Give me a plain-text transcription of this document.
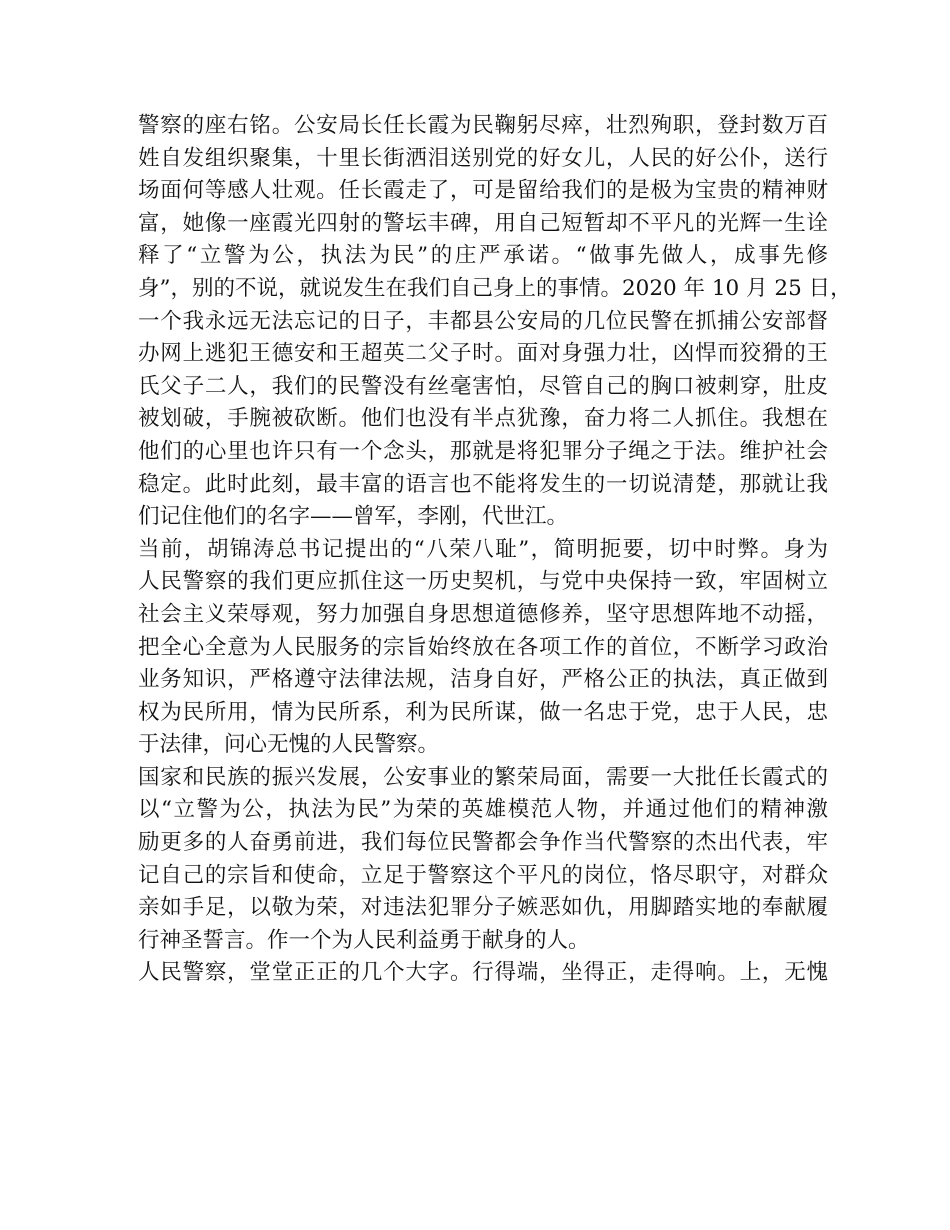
警察的座右铭。公安局长任长霞为民鞠躬尽瘁，壮烈殉职，登封数万百
姓自发组织聚集，十里长街洒泪送别党的好女儿，人民的好公仆，送行
场面何等感人壮观。任长霞走了，可是留给我们的是极为宝贵的精神财
富，她像一座霞光四射的警坛丰碑，用自己短暂却不平凡的光辉一生诠
释了“立警为公，执法为民”的庄严承诺。“做事先做人，成事先修
身”，别的不说，就说发生在我们自己身上的事情。2020 年 10 月 25 日，
一个我永远无法忘记的日子，丰都县公安局的几位民警在抓捕公安部督
办网上逃犯王德安和王超英二父子时。面对身强力壮，凶悍而狡猾的王
氏父子二人，我们的民警没有丝毫害怕，尽管自己的胸口被刺穿，肚皮
被划破，手腕被砍断。他们也没有半点犹豫，奋力将二人抓住。我想在
他们的心里也许只有一个念头，那就是将犯罪分子绳之于法。维护社会
稳定。此时此刻，最丰富的语言也不能将发生的一切说清楚，那就让我
们记住他们的名字——曾军，李刚，代世江。
当前，胡锦涛总书记提出的“八荣八耻”，简明扼要，切中时弊。身为
人民警察的我们更应抓住这一历史契机，与党中央保持一致，牢固树立
社会主义荣辱观，努力加强自身思想道德修养，坚守思想阵地不动摇，
把全心全意为人民服务的宗旨始终放在各项工作的首位，不断学习政治
业务知识，严格遵守法律法规，洁身自好，严格公正的执法，真正做到
权为民所用，情为民所系，利为民所谋，做一名忠于党，忠于人民，忠
于法律，问心无愧的人民警察。
国家和民族的振兴发展，公安事业的繁荣局面，需要一大批任长霞式的
以“立警为公，执法为民”为荣的英雄模范人物，并通过他们的精神激
励更多的人奋勇前进，我们每位民警都会争作当代警察的杰出代表，牢
记自己的宗旨和使命，立足于警察这个平凡的岗位，恪尽职守，对群众
亲如手足，以敬为荣，对违法犯罪分子嫉恶如仇，用脚踏实地的奉献履
行神圣誓言。作一个为人民利益勇于献身的人。
人民警察，堂堂正正的几个大字。行得端，坐得正，走得响。上，无愧
